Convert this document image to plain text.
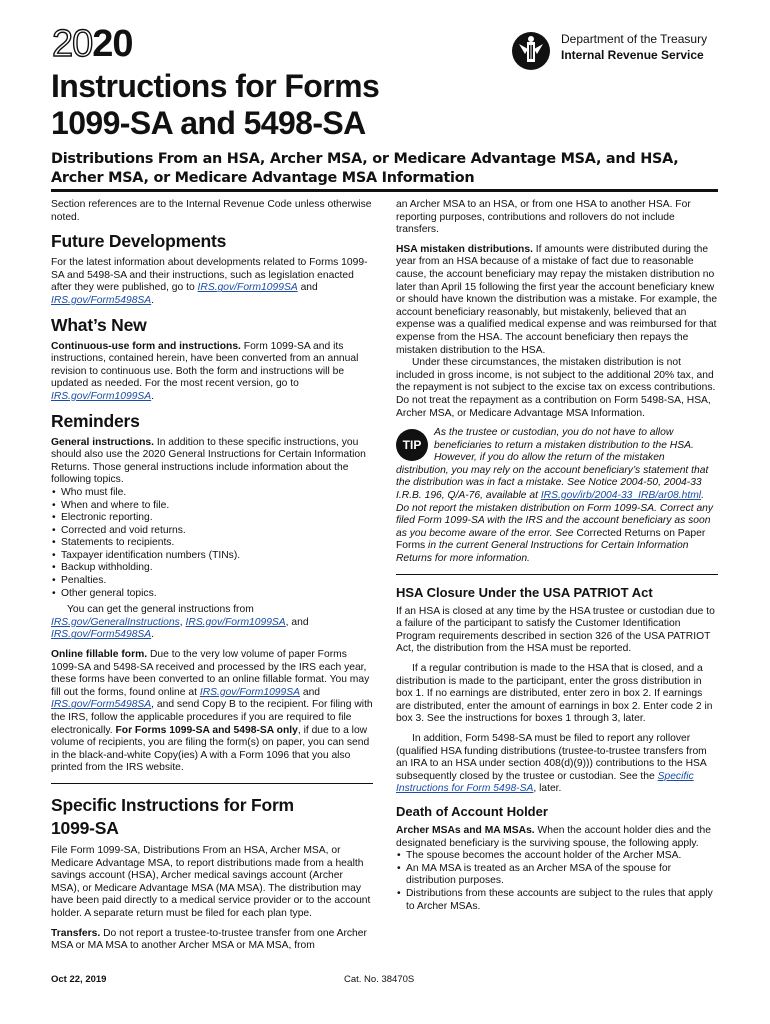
2020	Department of the Treasury
Internal Revenue Service
Instructions for Forms
1099-SA and 5498-SA
Distributions From an HSA, Archer MSA, or Medicare Advantage MSA, and HSA,
Archer MSA, or Medicare Advantage MSA Information

Section references are to the Internal Revenue Code unless otherwise noted.

Future Developments

For the latest information about developments related to Forms 1099-SA and 5498-SA and their instructions, such as legislation enacted after they were published, go to IRS.gov/Form1099SA and IRS.gov/Form5498SA.

What’s New

Continuous-use form and instructions. Form 1099-SA and its instructions, contained herein, have been converted from an annual revision to continuous use. Both the form and instructions will be updated as needed. For the most recent version, go to IRS.gov/Form1099SA.

Reminders

General instructions. In addition to these specific instructions, you should also use the 2020 General Instructions for Certain Information Returns. Those general instructions include information about the following topics.

• Who must file.
• When and where to file.
• Electronic reporting.
• Corrected and void returns.
• Statements to recipients.
• Taxpayer identification numbers (TINs).
• Backup withholding.
• Penalties.
• Other general topics.

You can get the general instructions from IRS.gov/GeneralInstructions, IRS.gov/Form1099SA, and IRS.gov/Form5498SA.

Online fillable form. Due to the very low volume of paper Forms 1099-SA and 5498-SA received and processed by the IRS each year, these forms have been converted to an online fillable format. You may fill out the forms, found online at IRS.gov/Form1099SA and IRS.gov/Form5498SA, and send Copy B to the recipient. For filing with the IRS, follow the applicable procedures if you are required to file electronically. For Forms 1099-SA and 5498-SA only, if due to a low volume of recipients, you are filing the form(s) on paper, you can send in the black-and-white Copy(ies) A with a Form 1096 that you also printed from the IRS website.

Specific Instructions for Form
1099-SA

File Form 1099-SA, Distributions From an HSA, Archer MSA, or Medicare Advantage MSA, to report distributions made from a health savings account (HSA), Archer medical savings account (Archer MSA), or Medicare Advantage MSA (MA MSA). The distribution may have been paid directly to a medical service provider or to the account holder. A separate return must be filed for each plan type.

Transfers. Do not report a trustee-to-trustee transfer from one Archer MSA or MA MSA to another Archer MSA or MA MSA, from

an Archer MSA to an HSA, or from one HSA to another HSA. For reporting purposes, contributions and rollovers do not include transfers.

HSA mistaken distributions. If amounts were distributed during the year from an HSA because of a mistake of fact due to reasonable cause, the account beneficiary may repay the mistaken distribution no later than April 15 following the first year the account beneficiary knew or should have known the distribution was a mistake. For example, the account beneficiary reasonably, but mistakenly, believed that an expense was a qualified medical expense and was reimbursed for that expense from the HSA. The account beneficiary then repays the mistaken distribution to the HSA.

Under these circumstances, the mistaken distribution is not included in gross income, is not subject to the additional 20% tax, and the repayment is not subject to the excise tax on excess contributions. Do not treat the repayment as a contribution on Form 5498-SA, HSA, Archer MSA, or Medicare Advantage MSA Information.

TIP
As the trustee or custodian, you do not have to allow beneficiaries to return a mistaken distribution to the HSA. However, if you do allow the return of the mistaken distribution, you may rely on the account beneficiary’s statement that the distribution was in fact a mistake. See Notice 2004-50, 2004-33 I.R.B. 196, Q/A-76, available at IRS.gov/irb/2004-33_IRB/ar08.html. Do not report the mistaken distribution on Form 1099-SA. Correct any filed Form 1099-SA with the IRS and the account beneficiary as soon as you become aware of the error. See Corrected Returns on Paper Forms in the current General Instructions for Certain Information Returns for more information.
HSA Closure Under the USA PATRIOT Act

If an HSA is closed at any time by the HSA trustee or custodian due to a failure of the participant to satisfy the Customer Identification Program requirements described in section 326 of the USA PATRIOT Act, the distribution from the HSA must be reported.

If a regular contribution is made to the HSA that is closed, and a distribution is made to the participant, enter the gross distribution in box 1. If no earnings are distributed, enter zero in box 2. If earnings are distributed, enter the amount of earnings in box 2. Enter code 2 in box 3. See the instructions for boxes 1 through 3, later.

In addition, Form 5498-SA must be filed to report any rollover (qualified HSA funding distributions (trustee-to-trustee transfers from an IRA to an HSA under section 408(d)(9))) contributions to the HSA subsequently closed by the trustee or custodian. See the Specific Instructions for Form 5498-SA, later.

Death of Account Holder

Archer MSAs and MA MSAs. When the account holder dies and the designated beneficiary is the surviving spouse, the following apply.

• The spouse becomes the account holder of the Archer MSA.
• An MA MSA is treated as an Archer MSA of the spouse for distribution purposes.
• Distributions from these accounts are subject to the rules that apply to Archer MSAs.
Oct 22, 2019	Cat. No. 38470S
